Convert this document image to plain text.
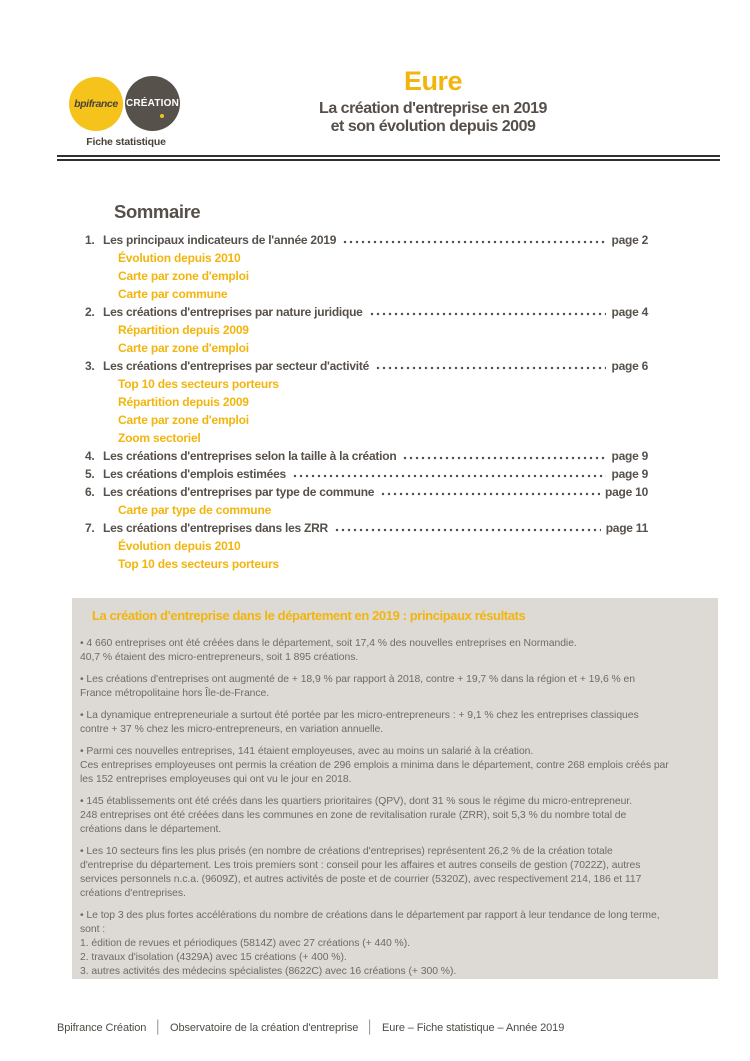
bpifrance CRÉATION
Fiche statistique
Eure
La création d'entreprise en 2019
et son évolution depuis 2009
Sommaire
1. Les principaux indicateurs de l'année 2019	page 2
Évolution depuis 2010
Carte par zone d'emploi
Carte par commune
2. Les créations d'entreprises par nature juridique	page 4
Répartition depuis 2009
Carte par zone d'emploi
3. Les créations d'entreprises par secteur d'activité	page 6
Top 10 des secteurs porteurs
Répartition depuis 2009
Carte par zone d'emploi
Zoom sectoriel
4. Les créations d'entreprises selon la taille à la création	page 9
5. Les créations d'emplois estimées	page 9
6. Les créations d'entreprises par type de commune	page 10
Carte par type de commune
7. Les créations d'entreprises dans les ZRR	page 11
Évolution depuis 2010
Top 10 des secteurs porteurs
La création d'entreprise dans le département en 2019 : principaux résultats
• 4 660 entreprises ont été créées dans le département, soit 17,4 % des nouvelles entreprises en Normandie.
40,7 % étaient des micro-entrepreneurs, soit 1 895 créations.
• Les créations d'entreprises ont augmenté de + 18,9 % par rapport à 2018, contre + 19,7 % dans la région et + 19,6 % en
France métropolitaine hors Île-de-France.
• La dynamique entrepreneuriale a surtout été portée par les micro-entrepreneurs : + 9,1 % chez les entreprises classiques
contre + 37 % chez les micro-entrepreneurs, en variation annuelle.
• Parmi ces nouvelles entreprises, 141 étaient employeuses, avec au moins un salarié à la création.
Ces entreprises employeuses ont permis la création de 296 emplois a minima dans le département, contre 268 emplois créés par
les 152 entreprises employeuses qui ont vu le jour en 2018.
• 145 établissements ont été créés dans les quartiers prioritaires (QPV), dont 31 % sous le régime du micro-entrepreneur.
248 entreprises ont été créées dans les communes en zone de revitalisation rurale (ZRR), soit 5,3 % du nombre total de
créations dans le département.
• Les 10 secteurs fins les plus prisés (en nombre de créations d'entreprises) représentent 26,2 % de la création totale
d'entreprise du département. Les trois premiers sont : conseil pour les affaires et autres conseils de gestion (7022Z), autres
services personnels n.c.a. (9609Z), et autres activités de poste et de courrier (5320Z), avec respectivement 214, 186 et 117
créations d'entreprises.
• Le top 3 des plus fortes accélérations du nombre de créations dans le département par rapport à leur tendance de long terme,
sont :
1. édition de revues et périodiques (5814Z) avec 27 créations (+ 440 %).
2. travaux d'isolation (4329A) avec 15 créations (+ 400 %).
3. autres activités des médecins spécialistes (8622C) avec 16 créations (+ 300 %).
Bpifrance Création │ Observatoire de la création d'entreprise │ Eure – Fiche statistique – Année 2019
